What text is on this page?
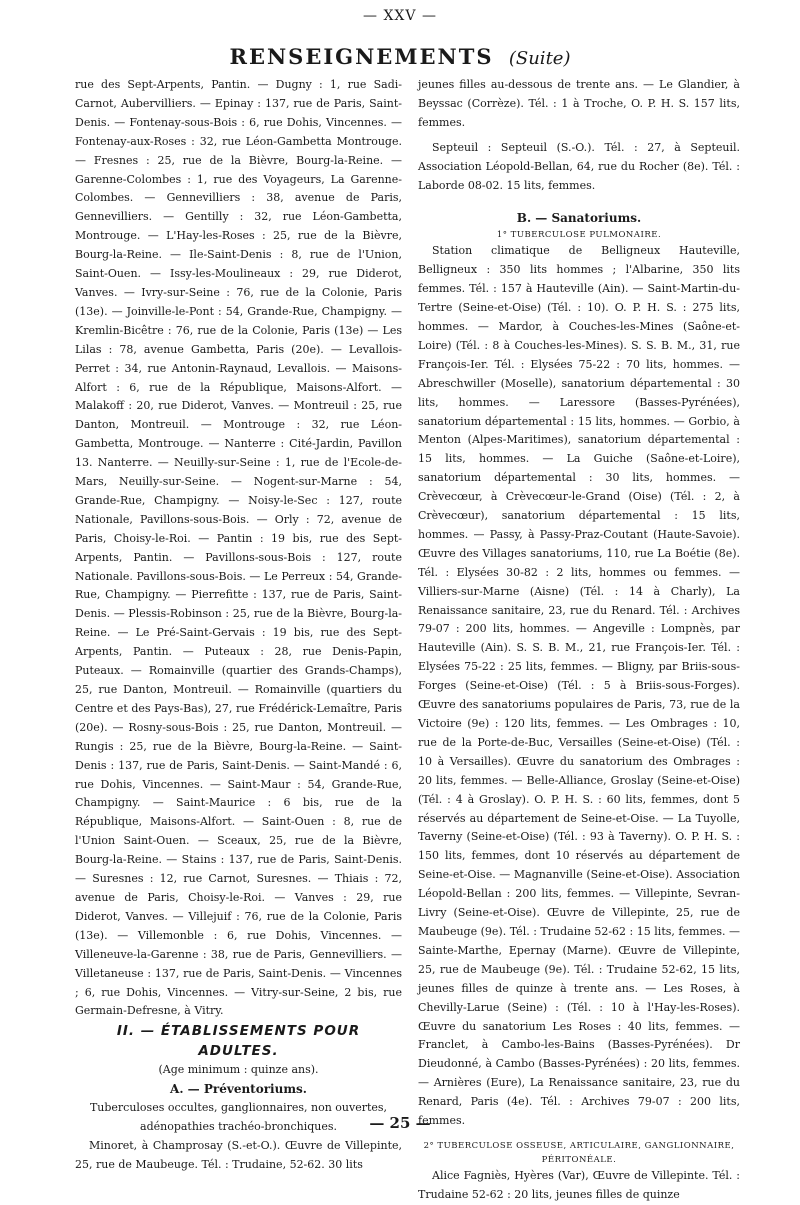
— XXV —
RENSEIGNEMENTS (Suite)

rue des Sept-Arpents, Pantin. — Dugny : 1, rue Sadi-Carnot, Aubervilliers. — Epinay : 137, rue de Paris, Saint-Denis. — Fontenay-sous-Bois : 6, rue Dohis, Vincennes. — Fontenay-aux-Roses : 32, rue Léon-Gambetta Montrouge. — Fresnes : 25, rue de la Bièvre, Bourg-la-Reine. — Garenne-Colombes : 1, rue des Voyageurs, La Garenne-Colombes. — Gennevilliers : 38, avenue de Paris, Gennevilliers. — Gentilly : 32, rue Léon-Gambetta, Montrouge. — L'Hay-les-Roses : 25, rue de la Bièvre, Bourg-la-Reine. — Ile-Saint-Denis : 8, rue de l'Union, Saint-Ouen. — Issy-les-Moulineaux : 29, rue Diderot, Vanves. — Ivry-sur-Seine : 76, rue de la Colonie, Paris (13e). — Joinville-le-Pont : 54, Grande-Rue, Champigny. — Kremlin-Bicêtre : 76, rue de la Colonie, Paris (13e) — Les Lilas : 78, avenue Gambetta, Paris (20e). — Levallois-Perret : 34, rue Antonin-Raynaud, Levallois. — Maisons-Alfort : 6, rue de la République, Maisons-Alfort. — Malakoff : 20, rue Diderot, Vanves. — Montreuil : 25, rue Danton, Montreuil. — Montrouge : 32, rue Léon-Gambetta, Montrouge. — Nanterre : Cité-Jardin, Pavillon 13. Nanterre. — Neuilly-sur-Seine : 1, rue de l'Ecole-de-Mars, Neuilly-sur-Seine. — Nogent-sur-Marne : 54, Grande-Rue, Champigny. — Noisy-le-Sec : 127, route Nationale, Pavillons-sous-Bois. — Orly : 72, avenue de Paris, Choisy-le-Roi. — Pantin : 19 bis, rue des Sept-Arpents, Pantin. — Pavillons-sous-Bois : 127, route Nationale. Pavillons-sous-Bois. — Le Perreux : 54, Grande-Rue, Champigny. — Pierrefitte : 137, rue de Paris, Saint-Denis. — Plessis-Robinson : 25, rue de la Bièvre, Bourg-la-Reine. — Le Pré-Saint-Gervais : 19 bis, rue des Sept-Arpents, Pantin. — Puteaux : 28, rue Denis-Papin, Puteaux. — Romainville (quartier des Grands-Champs), 25, rue Danton, Montreuil. — Romainville (quartiers du Centre et des Pays-Bas), 27, rue Frédérick-Lemaître, Paris (20e). — Rosny-sous-Bois : 25, rue Danton, Montreuil. — Rungis : 25, rue de la Bièvre, Bourg-la-Reine. — Saint-Denis : 137, rue de Paris, Saint-Denis. — Saint-Mandé : 6, rue Dohis, Vincennes. — Saint-Maur : 54, Grande-Rue, Champigny. — Saint-Maurice : 6 bis, rue de la République, Maisons-Alfort. — Saint-Ouen : 8, rue de l'Union Saint-Ouen. — Sceaux, 25, rue de la Bièvre, Bourg-la-Reine. — Stains : 137, rue de Paris, Saint-Denis. — Suresnes : 12, rue Carnot, Suresnes. — Thiais : 72, avenue de Paris, Choisy-le-Roi. — Vanves : 29, rue Diderot, Vanves. — Villejuif : 76, rue de la Colonie, Paris (13e). — Villemonble : 6, rue Dohis, Vincennes. — Villeneuve-la-Garenne : 38, rue de Paris, Gennevilliers. — Villetaneuse : 137, rue de Paris, Saint-Denis. — Vincennes ; 6, rue Dohis, Vincennes. — Vitry-sur-Seine, 2 bis, rue Germain-Defresne, à Vitry.

II. — ÉTABLISSEMENTS POUR ADULTES.

(Age minimum : quinze ans).

A. — Préventoriums.

Tuberculoses occultes, ganglionnaires, non ouvertes, adénopathies trachéo-bronchiques.

Minoret, à Champrosay (S.-et-O.). Œuvre de Villepinte, 25, rue de Maubeuge. Tél. : Trudaine, 52-62. 30 lits

jeunes filles au-dessous de trente ans. — Le Glandier, à Beyssac (Corrèze). Tél. : 1 à Troche, O. P. H. S. 157 lits, femmes.

Septeuil : Septeuil (S.-O.). Tél. : 27, à Septeuil. Association Léopold-Bellan, 64, rue du Rocher (8e). Tél. : Laborde 08-02. 15 lits, femmes.

B. — Sanatoriums.

1° TUBERCULOSE PULMONAIRE.

Station climatique de Bellignеux Hauteville, Belligneux : 350 lits hommes ; l'Albarine, 350 lits femmes. Tél. : 157 à Hauteville (Ain). — Saint-Martin-du-Tertre (Seine-et-Oise) (Tél. : 10). O. P. H. S. : 275 lits, hommes. — Mardor, à Couches-les-Mines (Saône-et-Loire) (Tél. : 8 à Couches-les-Mines). S. S. B. M., 31, rue François-Ier. Tél. : Elysées 75-22 : 70 lits, hommes. — Abreschwiller (Moselle), sanatorium départemental : 30 lits, hommes. — Laressore (Basses-Pyrénées), sanatorium départemental : 15 lits, hommes. — Gorbio, à Menton (Alpes-Maritimes), sanatorium départemental : 15 lits, hommes. — La Guiche (Saône-et-Loire), sanatorium départemental : 30 lits, hommes. — Crèvecœur, à Crèvecœur-le-Grand (Oise) (Tél. : 2, à Crèvecœur), sanatorium départemental : 15 lits, hommes. — Passy, à Passy-Praz-Coutant (Haute-Savoie). Œuvre des Villages sanatoriums, 110, rue La Boétie (8e). Tél. : Elysées 30-82 : 2 lits, hommes ou femmes. — Villiers-sur-Marne (Aisne) (Tél. : 14 à Charly), La Renaissance sanitaire, 23, rue du Renard. Tél. : Archives 79-07 : 200 lits, hommes. — Angeville : Lompnès, par Hauteville (Ain). S. S. B. M., 21, rue François-Ier. Tél. : Elysées 75-22 : 25 lits, femmes. — Bligny, par Briis-sous-Forges (Seine-et-Oise) (Tél. : 5 à Briis-sous-Forges). Œuvre des sanatoriums populaires de Paris, 73, rue de la Victoire (9e) : 120 lits, femmes. — Les Ombrages : 10, rue de la Porte-de-Buc, Versailles (Seine-et-Oise) (Tél. : 10 à Versailles). Œuvre du sanatorium des Ombrages : 20 lits, femmes. — Belle-Alliance, Groslay (Seine-et-Oise) (Tél. : 4 à Groslay). O. P. H. S. : 60 lits, femmes, dont 5 réservés au département de Seine-et-Oise. — La Tuyolle, Taverny (Seine-et-Oise) (Tél. : 93 à Taverny). O. P. H. S. : 150 lits, femmes, dont 10 réservés au département de Seine-et-Oise. — Magnanville (Seine-et-Oise). Association Léopold-Bellan : 200 lits, femmes. — Villepinte, Sevran-Livry (Seine-et-Oise). Œuvre de Villepinte, 25, rue de Maubeuge (9e). Tél. : Trudaine 52-62 : 15 lits, femmes. — Sainte-Marthe, Epernay (Marne). Œuvre de Villepinte, 25, rue de Maubeuge (9e). Tél. : Trudaine 52-62, 15 lits, jeunes filles de quinze à trente ans. — Les Roses, à Chevilly-Larue (Seine) : (Tél. : 10 à l'Hay-les-Roses). Œuvre du sanatorium Les Roses : 40 lits, femmes. — Franclet, à Cambo-les-Bains (Basses-Pyrénées). Dr Dieudonné, à Cambo (Basses-Pyrénées) : 20 lits, femmes. — Arnières (Eure), La Renaissance sanitaire, 23, rue du Renard, Paris (4e). Tél. : Archives 79-07 : 200 lits, femmes.

2° TUBERCULOSE OSSEUSE, ARTICULAIRE, GANGLIONNAIRE, PÉRITONÉALE.

Alice Fagniès, Hyères (Var), Œuvre de Villepinte. Tél. : Trudaine 52-62 : 20 lits, jeunes filles de quinze

— 25 —
